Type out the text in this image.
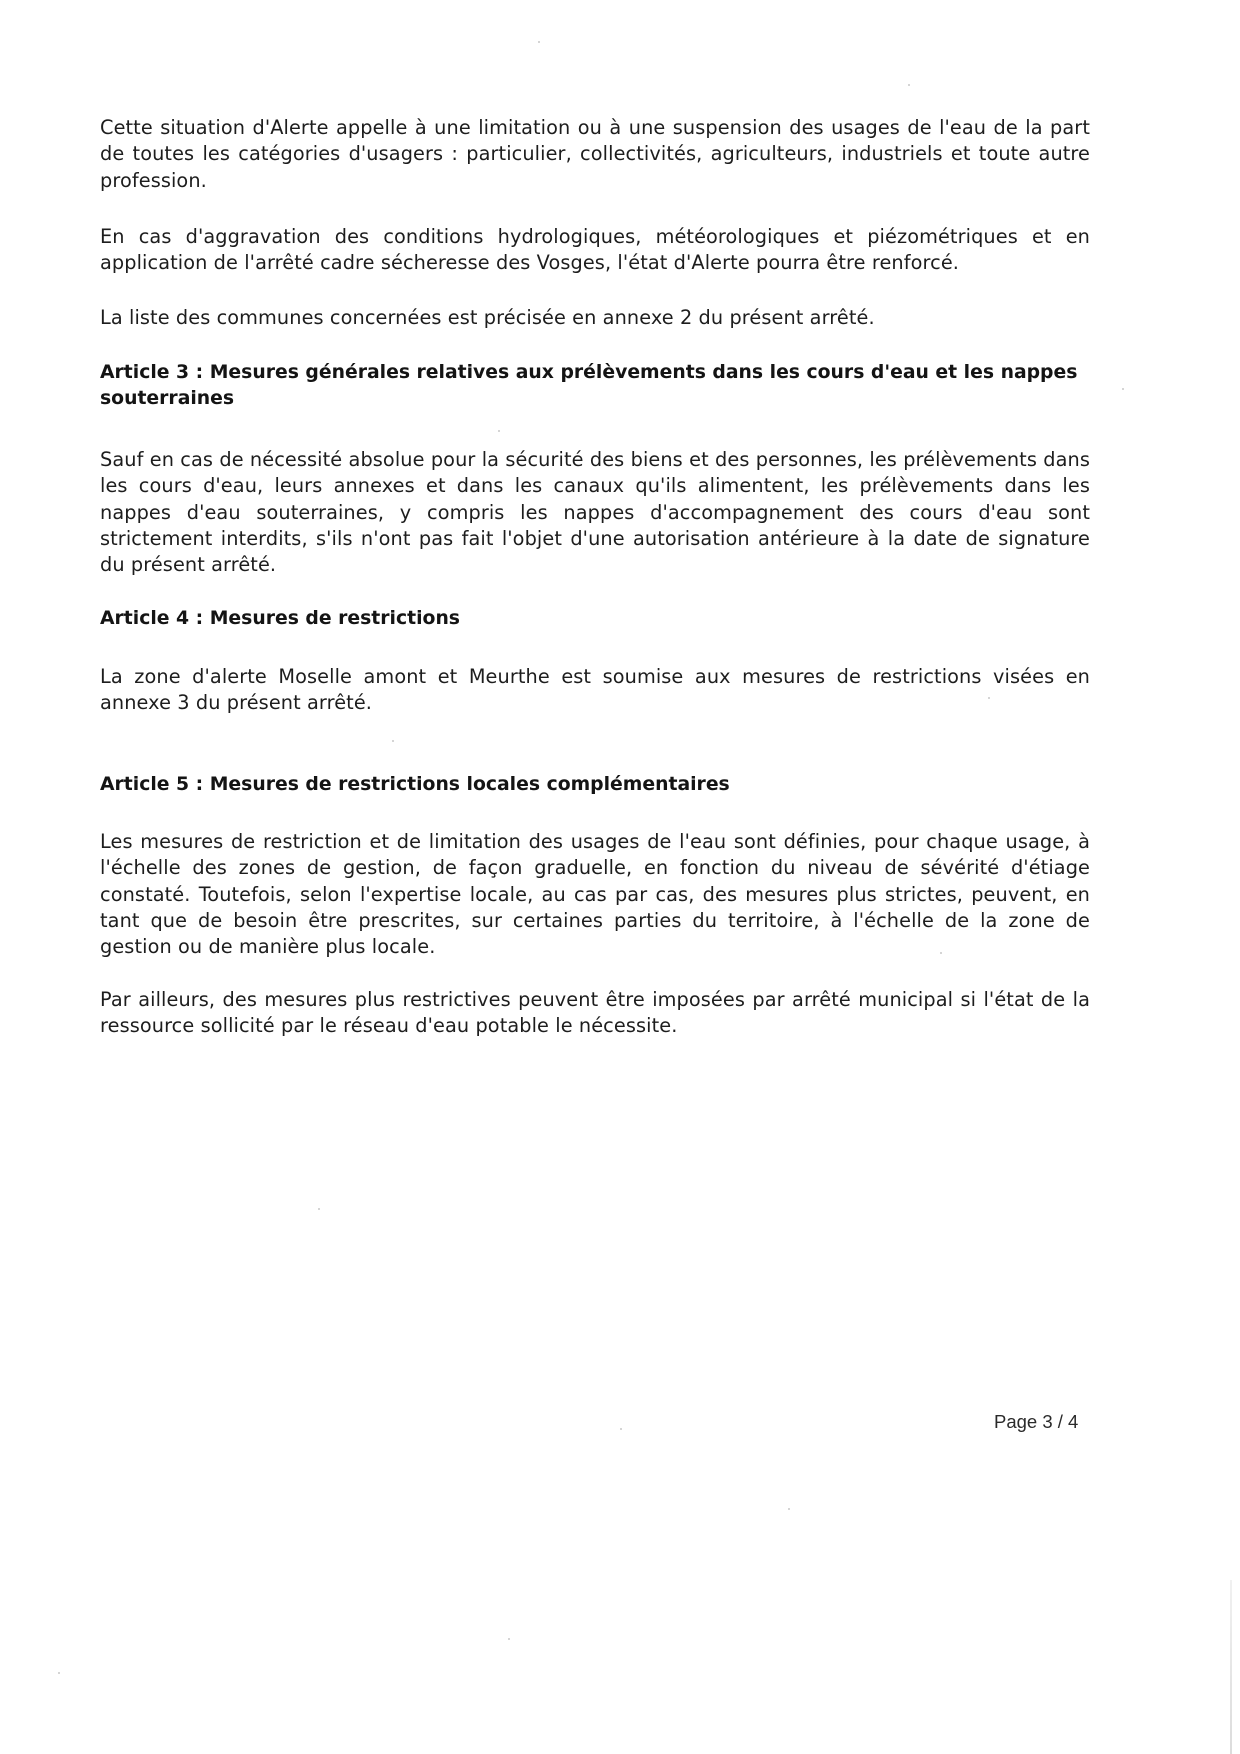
Cette situation d'Alerte appelle à une limitation ou à une suspension des usages de l'eau de la part de toutes les catégories d'usagers : particulier, collectivités, agriculteurs, industriels et toute autre profession.

En cas d'aggravation des conditions hydrologiques, météorologiques et piézométriques et en application de l'arrêté cadre sécheresse des Vosges, l'état d'Alerte pourra être renforcé.

La liste des communes concernées est précisée en annexe 2 du présent arrêté.

Article 3 : Mesures générales relatives aux prélèvements dans les cours d'eau et les nappes souterraines

Sauf en cas de nécessité absolue pour la sécurité des biens et des personnes, les prélèvements dans les cours d'eau, leurs annexes et dans les canaux qu'ils alimentent, les prélèvements dans les nappes d'eau souterraines, y compris les nappes d'accompagnement des cours d'eau sont strictement interdits, s'ils n'ont pas fait l'objet d'une autorisation antérieure à la date de signature du présent arrêté.

Article 4 : Mesures de restrictions

La zone d'alerte Moselle amont et Meurthe est soumise aux mesures de restrictions visées en annexe 3 du présent arrêté.

Article 5 : Mesures de restrictions locales complémentaires

Les mesures de restriction et de limitation des usages de l'eau sont définies, pour chaque usage, à l'échelle des zones de gestion, de façon graduelle, en fonction du niveau de sévérité d'étiage constaté. Toutefois, selon l'expertise locale, au cas par cas, des mesures plus strictes, peuvent, en tant que de besoin être prescrites, sur certaines parties du territoire, à l'échelle de la zone de gestion ou de manière plus locale.

Par ailleurs, des mesures plus restrictives peuvent être imposées par arrêté municipal si l'état de la ressource sollicité par le réseau d'eau potable le nécessite.

Page 3 / 4
